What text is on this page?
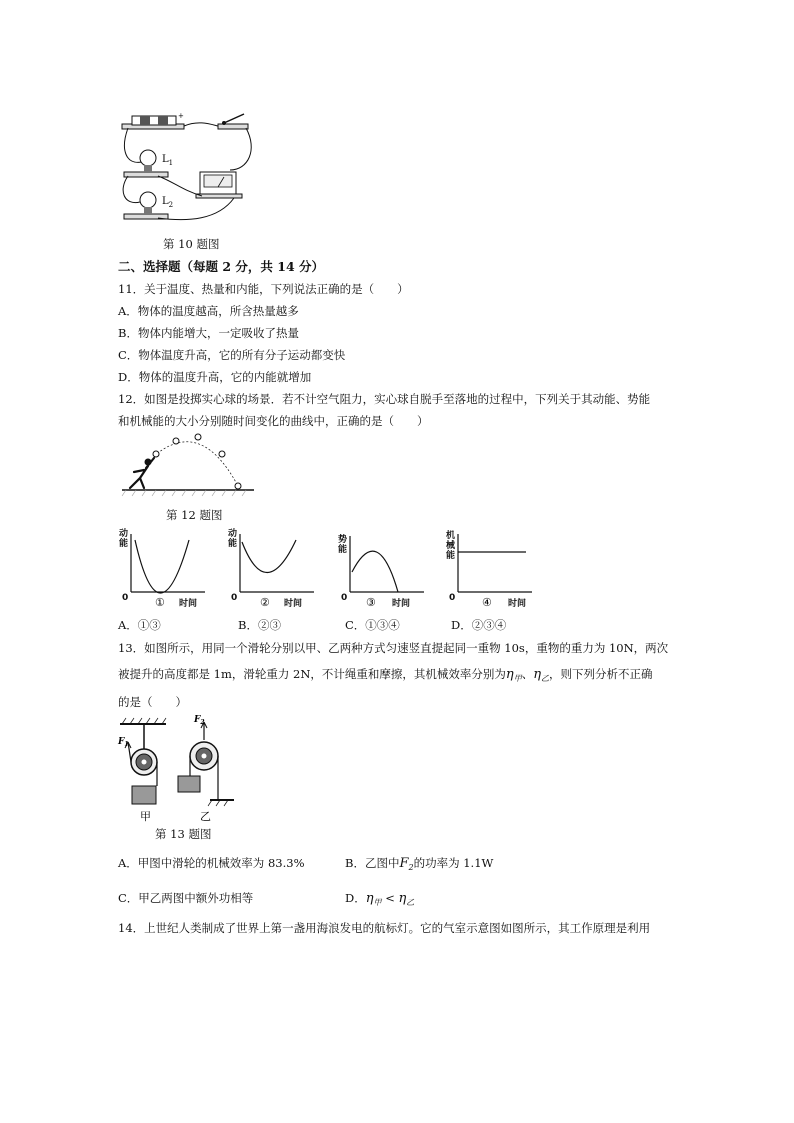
+
$L_1$
$L_2$
第 10 题图
二、选择题（每题 2 分，共 14 分）
11．关于温度、热量和内能，下列说法正确的是（　　）
A．物体的温度越高，所含热量越多
B．物体内能增大，一定吸收了热量
C．物体温度升高，它的所有分子运动都变快
D．物体的温度升高，它的内能就增加
12．如图是投掷实心球的场景．若不计空气阻力，实心球自脱手至落地的过程中，下列关于其动能、势能
和机械能的大小分别随时间变化的曲线中，正确的是（　　）
第 12 题图
动
能
0 ① 时间
动
能
0 ② 时间
势
能
0 ③ 时间
机
械
能
0 ④ 时间
A．①③	B．②③	C．①③④	D．②③④
13．如图所示，用同一个滑轮分别以甲、乙两种方式匀速竖直提起同一重物 10s，重物的重力为 10N，两次
被提升的高度都是 1m，滑轮重力 2N，不计绳重和摩擦，其机械效率分别为$\eta_甲$、$\eta_乙$，则下列分析不正确
的是（　　）
$F_1$
甲
$F_2$
乙
第 13 题图
A．甲图中滑轮的机械效率为 83.3%	B．乙图中$F_2$的功率为 1.1W
C．甲乙两图中额外功相等	D．$\eta_甲 < \eta_乙$
14．上世纪人类制成了世界上第一盏用海浪发电的航标灯。它的气室示意图如图所示，其工作原理是利用
